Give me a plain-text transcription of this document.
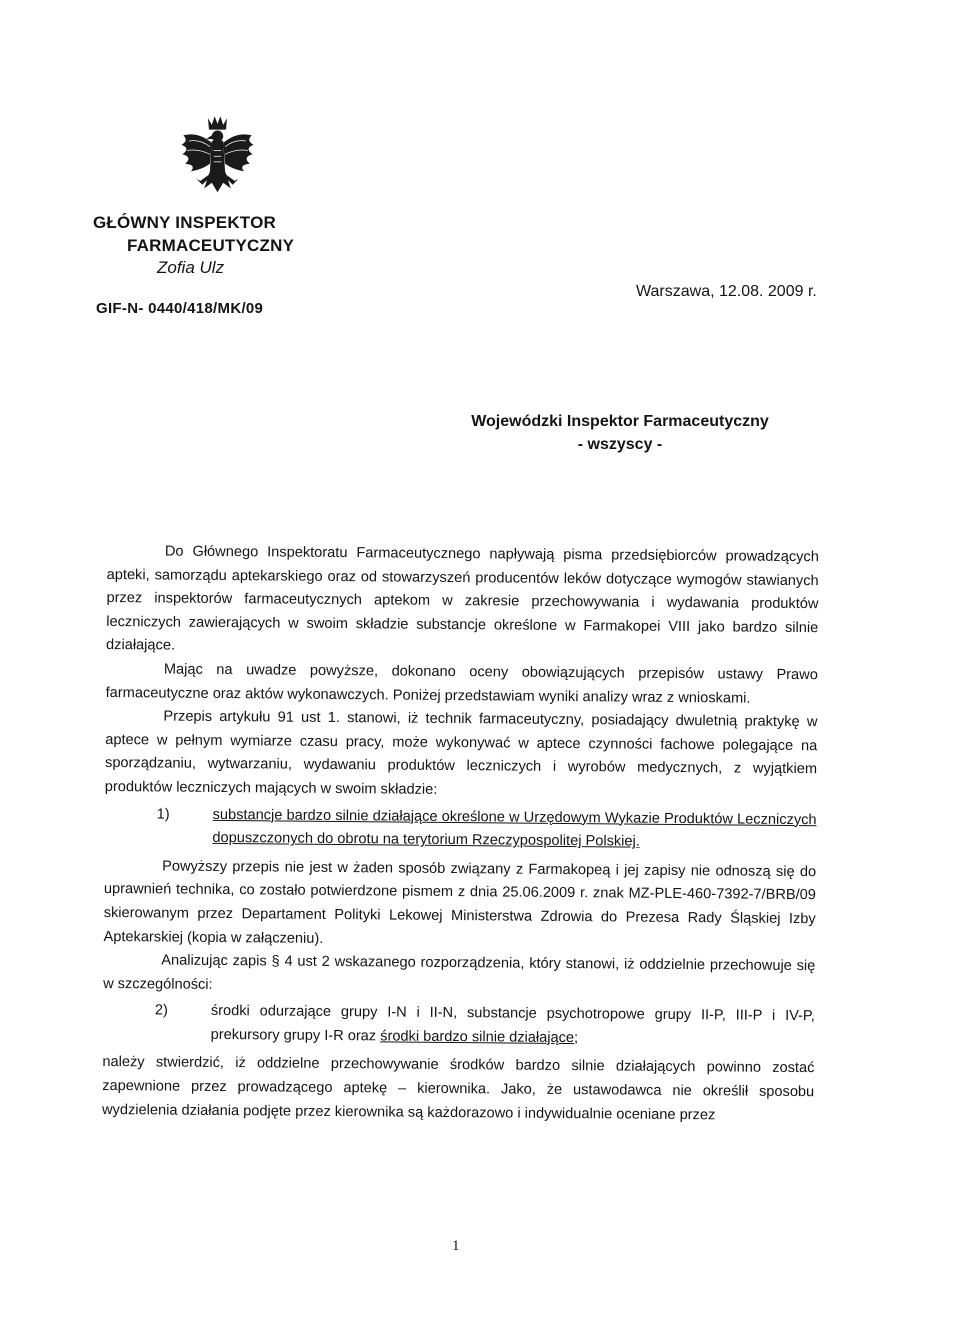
GŁÓWNY INSPEKTOR
FARMACEUTYCZNY
Zofia Ulz
GIF-N- 0440/418/MK/09
Warszawa, 12.08. 2009 r.
Wojewódzki Inspektor Farmaceutyczny
- wszyscy -

Do Głównego Inspektoratu Farmaceutycznego napływają pisma przedsiębiorców prowadzących apteki, samorządu aptekarskiego oraz od stowarzyszeń producentów leków dotyczące wymogów stawianych przez inspektorów farmaceutycznych aptekom w zakresie przechowywania i wydawania produktów leczniczych zawierających w swoim składzie substancje określone w Farmakopei VIII jako bardzo silnie działające.

Mając na uwadze powyższe, dokonano oceny obowiązujących przepisów ustawy Prawo farmaceutyczne oraz aktów wykonawczych. Poniżej przedstawiam wyniki analizy wraz z wnioskami.

Przepis artykułu 91 ust 1. stanowi, iż technik farmaceutyczny, posiadający dwuletnią praktykę w aptece w pełnym wymiarze czasu pracy, może wykonywać w aptece czynności fachowe polegające na sporządzaniu, wytwarzaniu, wydawaniu produktów leczniczych i wyrobów medycznych, z wyjątkiem produktów leczniczych mających w swoim składzie:

1)	substancje bardzo silnie działające określone w Urzędowym Wykazie Produktów Leczniczych dopuszczonych do obrotu na terytorium Rzeczypospolitej Polskiej.

Powyższy przepis nie jest w żaden sposób związany z Farmakopeą i jej zapisy nie odnoszą się do uprawnień technika, co zostało potwierdzone pismem z dnia 25.06.2009 r. znak MZ-PLE-460-7392-7/BRB/09 skierowanym przez Departament Polityki Lekowej Ministerstwa Zdrowia do Prezesa Rady Śląskiej Izby Aptekarskiej (kopia w załączeniu).

Analizując zapis § 4 ust 2 wskazanego rozporządzenia, który stanowi, iż oddzielnie przechowuje się w szczególności:

2)	środki odurzające grupy I-N i II-N, substancje psychotropowe grupy II-P, III-P i IV-P, prekursory grupy I-R oraz środki bardzo silnie działające;

należy stwierdzić, iż oddzielne przechowywanie środków bardzo silnie działających powinno zostać zapewnione przez prowadzącego aptekę – kierownika. Jako, że ustawodawca nie określił sposobu wydzielenia działania podjęte przez kierownika są każdorazowo i indywidualnie oceniane przez

1
